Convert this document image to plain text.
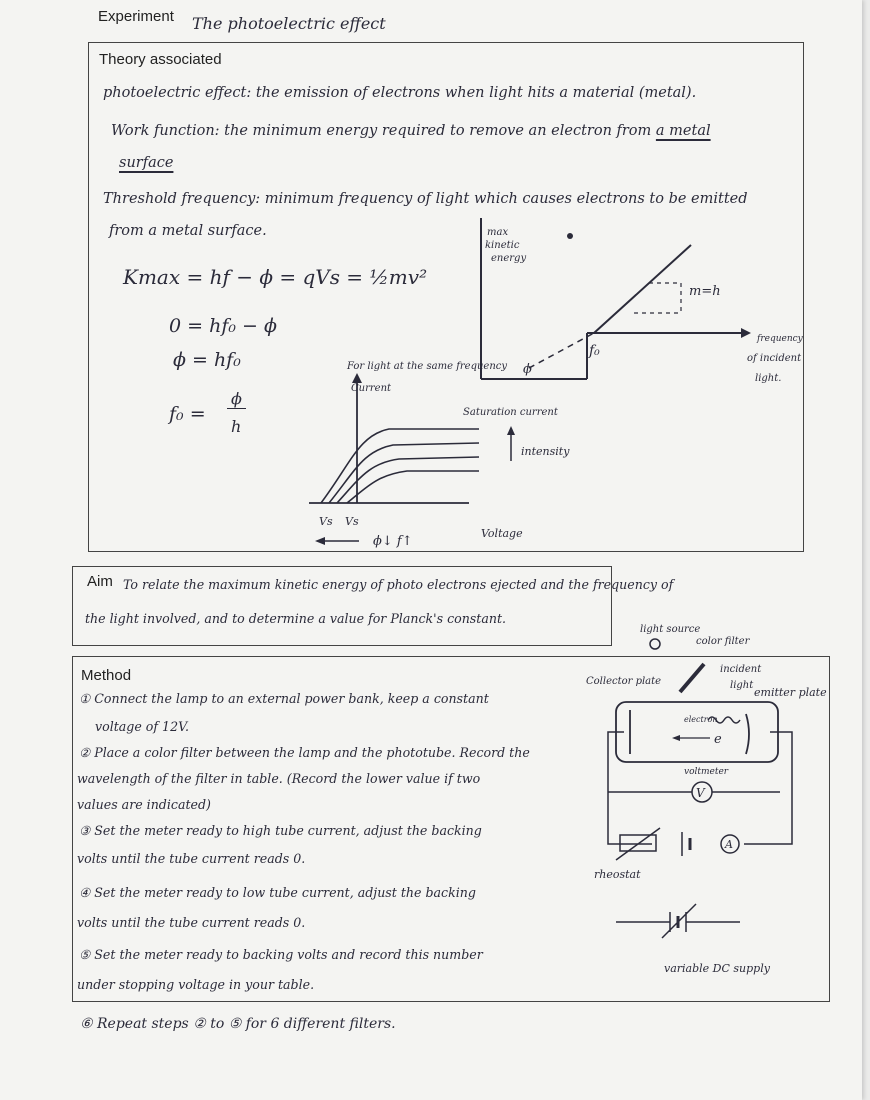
Experiment The photoelectric effect
Theory associated
photoelectric effect: the emission of electrons when light hits a material (metal).
Work function: the minimum energy required to remove an electron from a metal
surface
Threshold frequency: minimum frequency of light which causes electrons to be emitted
from a metal surface.
Kmax = hf − ϕ = qVs = ½mv²
0 = hf₀ − ϕ
ϕ = hf₀
f₀ =
ϕ
h
max
kinetic
energy
m=h
f₀
ϕ
frequency
of incident
light.
For light at the same frequency
Current
Saturation current
intensity
Vs Vs
ϕ↓ f↑
Voltage
Aim To relate the maximum kinetic energy of photo electrons ejected and the frequency of
the light involved, and to determine a value for Planck's constant.
Method
① Connect the lamp to an external power bank, keep a constant
voltage of 12V.
② Place a color filter between the lamp and the phototube. Record the
wavelength of the filter in table. (Record the lower value if two
values are indicated)
③ Set the meter ready to high tube current, adjust the backing
volts until the tube current reads 0.
④ Set the meter ready to low tube current, adjust the backing
volts until the tube current reads 0.
⑤ Set the meter ready to backing volts and record this number
under stopping voltage in your table.
⑥ Repeat steps ② to ⑤ for 6 different filters.
light source
color filter
incident
light
Collector plate
emitter plate
electron
e
V
voltmeter
rheostat
A
variable DC supply
